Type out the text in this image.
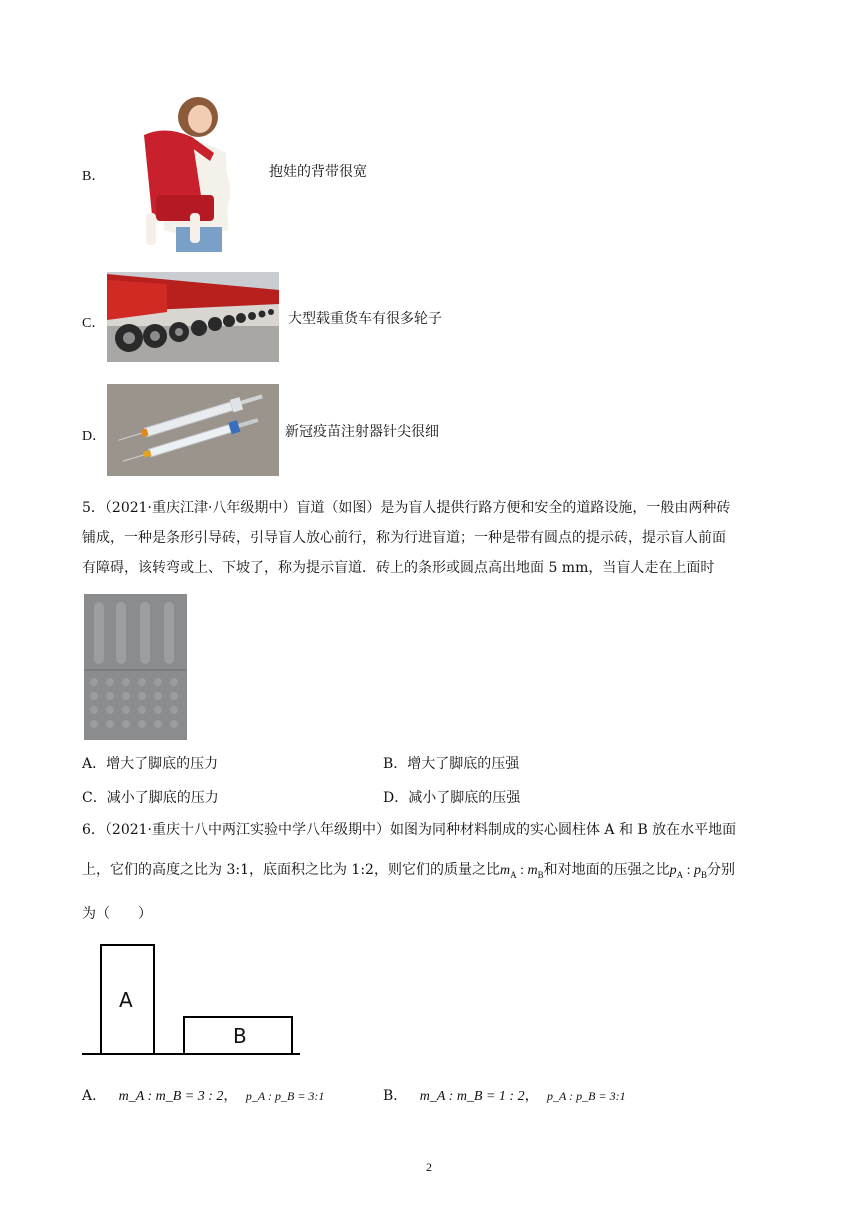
B．	抱娃的背带很宽
C．	大型载重货车有很多轮子
D．	新冠疫苗注射器针尖很细
5．（2021·重庆江津·八年级期中）盲道（如图）是为盲人提供行路方便和安全的道路设施，一般由两种砖
铺成，一种是条形引导砖，引导盲人放心前行，称为行进盲道；一种是带有圆点的提示砖，提示盲人前面
有障碍，该转弯或上、下坡了，称为提示盲道．砖上的条形或圆点高出地面 5 mm，当盲人走在上面时
A．增大了脚底的压力	B．增大了脚底的压强
C．减小了脚底的压力	D．减小了脚底的压强
6．（2021·重庆十八中两江实验中学八年级期中）如图为同种材料制成的实心圆柱体 A 和 B 放在水平地面
上，它们的高度之比为 3:1，底面积之比为 1:2，则它们的质量之比$m_A$ : $m_B$和对地面的压强之比$p_A$ : $p_B$分别
为（　　）
A
B
A． m_A : m_B = 3 : 2， p_A : p_B = 3:1	B． m_A : m_B = 1 : 2， p_A : p_B = 3:1
2
